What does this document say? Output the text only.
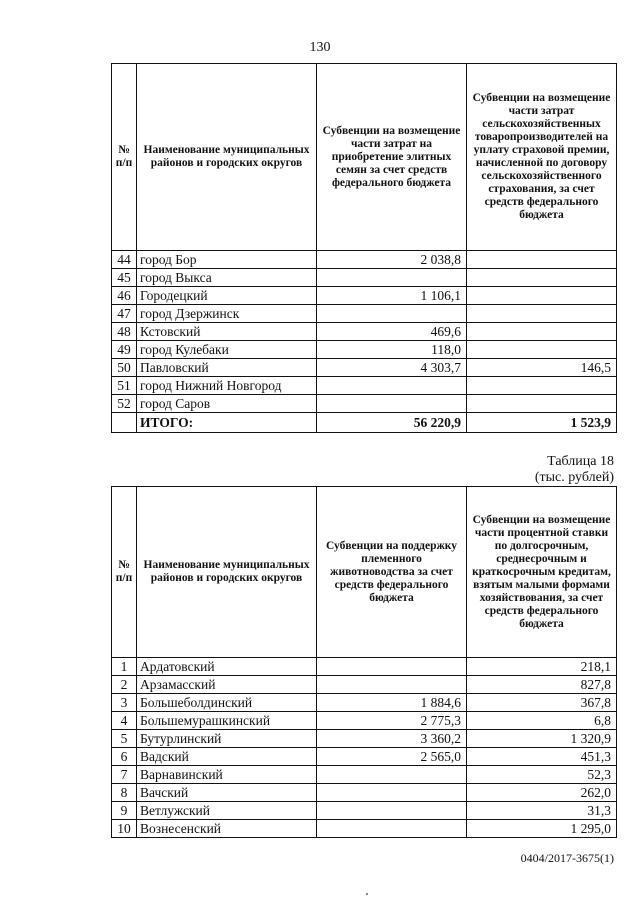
130
№ п/п	Наименование муниципальных районов и городских округов	Субвенции на возмещение части затрат на приобретение элитных семян за счет средств федерального бюджета	Субвенции на возмещение части затрат сельскохозяйственных товаропроизводителей на уплату страховой премии, начисленной по договору сельскохозяйственного страхования, за счет средств федерального бюджета
44	город Бор	2 038,8	
45	город Выкса		
46	Городецкий	1 106,1	
47	город Дзержинск		
48	Кстовский	469,6	
49	город Кулебаки	118,0	
50	Павловский	4 303,7	146,5
51	город Нижний Новгород		
52	город Саров		
	ИТОГО:	56 220,9	1 523,9
Таблица 18
(тыс. рублей)
№ п/п	Наименование муниципальных районов и городских округов	Субвенции на поддержку племенного животноводства за счет средств федерального бюджета	Субвенции на возмещение части процентной ставки по долгосрочным, среднесрочным и краткосрочным кредитам, взятым малыми формами хозяйствования, за счет средств федерального бюджета
1	Ардатовский		218,1
2	Арзамасский		827,8
3	Большеболдинский	1 884,6	367,8
4	Большемурашкинский	2 775,3	6,8
5	Бутурлинский	3 360,2	1 320,9
6	Вадский	2 565,0	451,3
7	Варнавинский		52,3
8	Вачский		262,0
9	Ветлужский		31,3
10	Вознесенский		1 295,0
0404/2017-3675(1)
